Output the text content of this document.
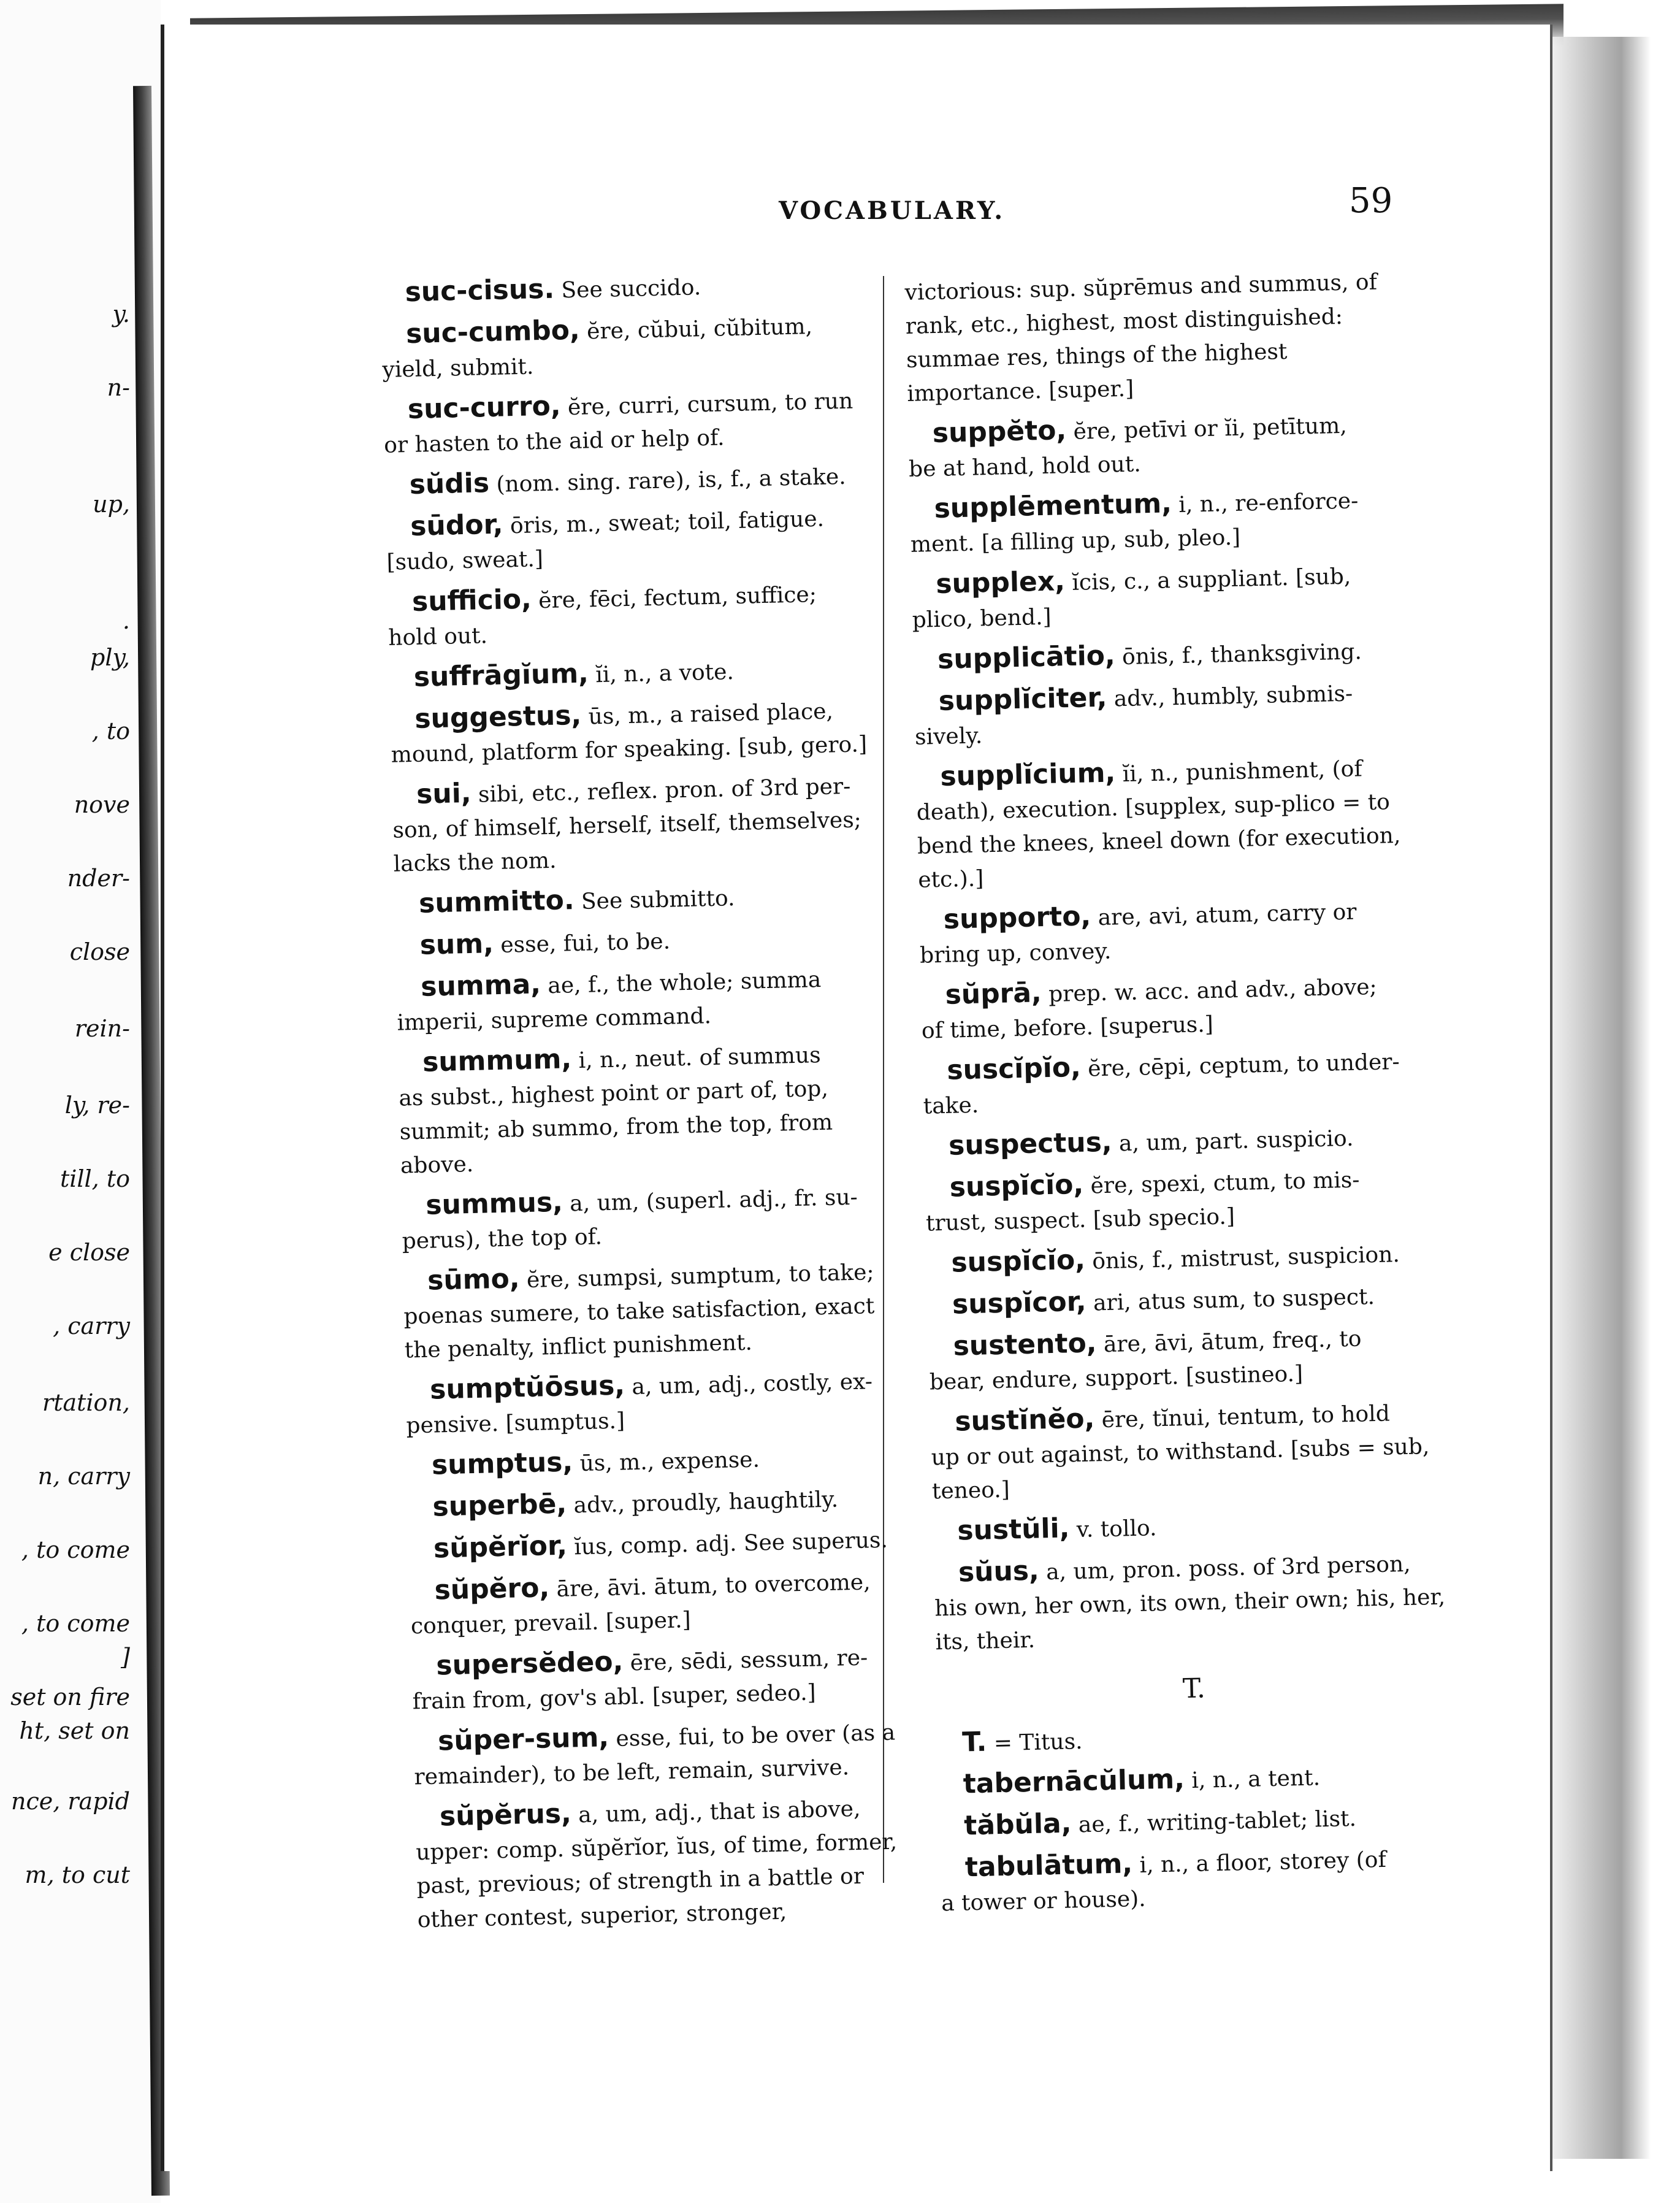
y.
n-
up,
.
ply,
, to
nove
nder-
close
rein-
ly, re-
till, to
e close
, carry
rtation,
n, carry
, to come
, to come
]
set on fire
ht, set on
nce, rapid
m, to cut
VOCABULARY.	59
suc-cisus. See succido.
suc-cumbo, ĕre, cŭbui, cŭbitum,
yield, submit.
suc-curro, ĕre, curri, cursum, to run
or hasten to the aid or help of.
sŭdis (nom. sing. rare), is, f., a stake.
sūdor, ōris, m., sweat; toil, fatigue.
[sudo, sweat.]
sufficio, ĕre, fēci, fectum, suffice;
hold out.
suffrāgĭum, ĭi, n., a vote.
suggestus, ūs, m., a raised place,
mound, platform for speaking. [sub, gero.]
sui, sibi, etc., reflex. pron. of 3rd per-
son, of himself, herself, itself, themselves; lacks the nom.
summitto. See submitto.
sum, esse, fui, to be.
summa, ae, f., the whole; summa
imperii, supreme command.
summum, i, n., neut. of summus
as subst., highest point or part of, top, summit; ab summo, from the top, from above.
summus, a, um, (superl. adj., fr. su-
perus), the top of.
sūmo, ĕre, sumpsi, sumptum, to take;
poenas sumere, to take satisfaction, exact the penalty, inflict punishment.
sumptŭōsus, a, um, adj., costly, ex-
pensive. [sumptus.]
sumptus, ūs, m., expense.
superbē, adv., proudly, haughtily.
sŭpĕrĭor, ĭus, comp. adj. See superus.
sŭpĕro, āre, āvi. ātum, to overcome,
conquer, prevail. [super.]
supersĕdeo, ēre, sēdi, sessum, re-
frain from, gov's abl. [super, sedeo.]
sŭper-sum, esse, fui, to be over (as a
remainder), to be left, remain, survive.
sŭpĕrus, a, um, adj., that is above,
upper: comp. sŭpĕrĭor, ĭus, of time, former, past, previous; of strength in a battle or other contest, superior, stronger,
victorious: sup. sŭprēmus and summus, of rank, etc., highest, most distinguished: summae res, things of the highest importance. [super.]
suppĕto, ĕre, petīvi or ĭi, petītum,
be at hand, hold out.
supplēmentum, i, n., re-enforce-
ment. [a filling up, sub, pleo.]
supplex, ĭcis, c., a suppliant. [sub,
plico, bend.]
supplicātio, ōnis, f., thanksgiving.
supplĭciter, adv., humbly, submis-
sively.
supplĭcium, ĭi, n., punishment, (of
death), execution. [supplex, sup-plico = to bend the knees, kneel down (for execution, etc.).]
supporto, are, avi, atum, carry or
bring up, convey.
sŭprā, prep. w. acc. and adv., above;
of time, before. [superus.]
suscĭpĭo, ĕre, cēpi, ceptum, to under-
take.
suspectus, a, um, part. suspicio.
suspĭcĭo, ĕre, spexi, ctum, to mis-
trust, suspect. [sub specio.]
suspĭcĭo, ōnis, f., mistrust, suspicion.
suspĭcor, ari, atus sum, to suspect.
sustento, āre, āvi, ātum, freq., to
bear, endure, support. [sustineo.]
sustĭnĕo, ēre, tĭnui, tentum, to hold
up or out against, to withstand. [subs = sub, teneo.]
sustŭli, v. tollo.
sŭus, a, um, pron. poss. of 3rd person,
his own, her own, its own, their own; his, her, its, their.
T.
T. = Titus.
tabernācŭlum, i, n., a tent.
tăbŭla, ae, f., writing-tablet; list.
tabulātum, i, n., a floor, storey (of
a tower or house).
